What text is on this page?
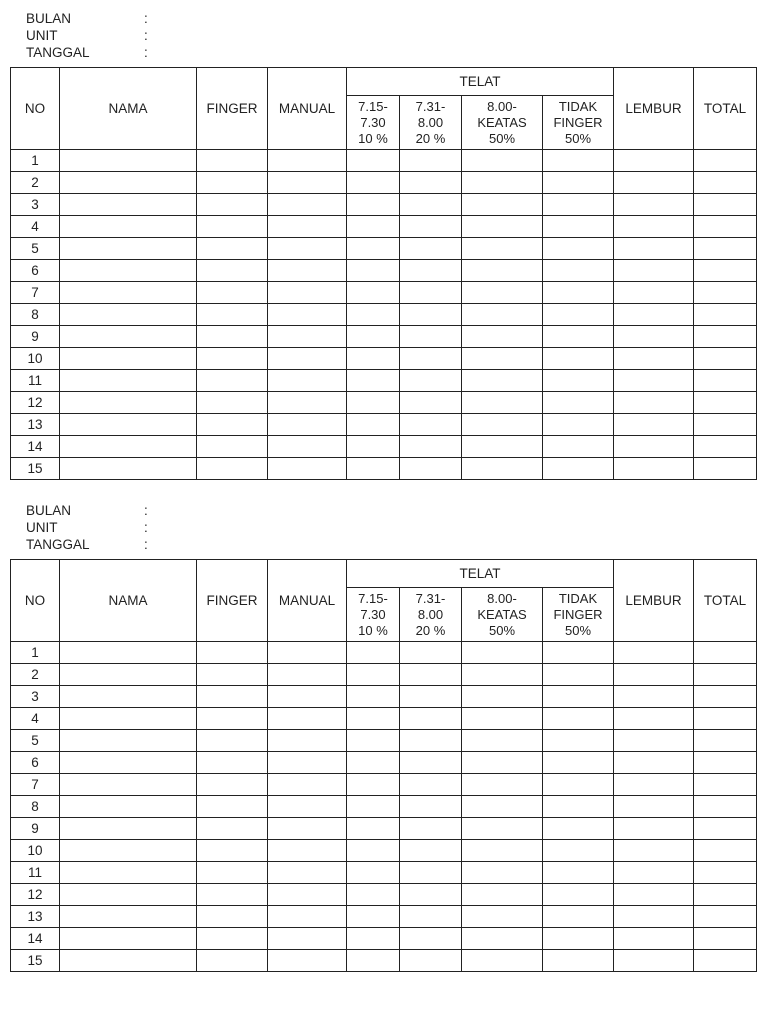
BULAN	:
UNIT	:
TANGGAL	:
NO	NAMA	FINGER	MANUAL	TELAT				LEMBUR	TOTAL

				7.15-
7.30
10 %	7.31-
8.00
20 %	8.00-
KEATAS
50%	TIDAK
FINGER
50%		

1									
2									
3									
4									
5									
6									
7									
8									
9									
10									
11									
12									
13									
14									
15									
BULAN	:
UNIT	:
TANGGAL	:
NO	NAMA	FINGER	MANUAL	TELAT				LEMBUR	TOTAL

				7.15-
7.30
10 %	7.31-
8.00
20 %	8.00-
KEATAS
50%	TIDAK
FINGER
50%		

1									
2									
3									
4									
5									
6									
7									
8									
9									
10									
11									
12									
13									
14									
15									
